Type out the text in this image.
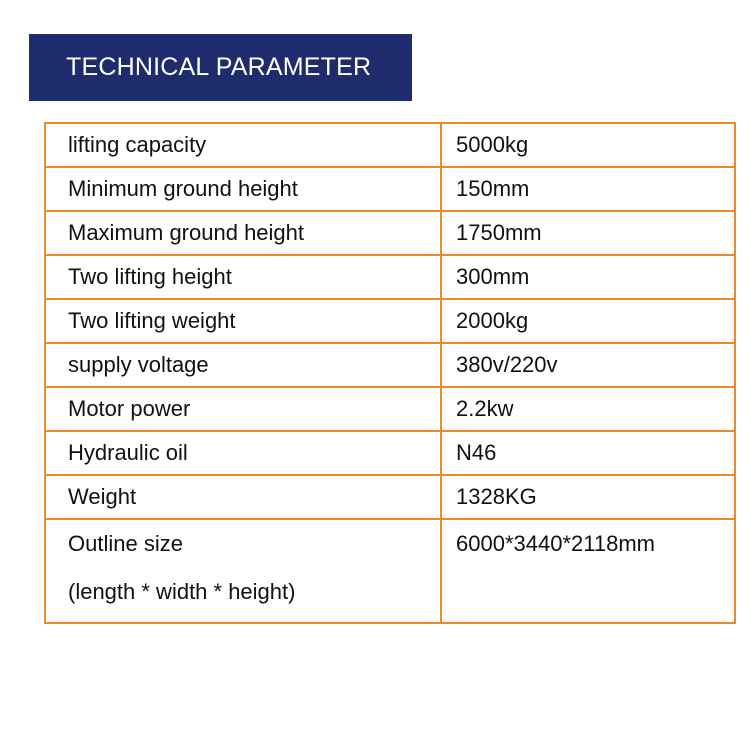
TECHNICAL PARAMETER
lifting capacity	5000kg
Minimum ground height	150mm
Maximum ground height	1750mm
Two lifting height	300mm
Two lifting weight	2000kg
supply voltage	380v/220v
Motor power	2.2kw
Hydraulic oil	N46
Weight	1328KG
Outline size
(length * width * height)	6000*3440*2118mm
